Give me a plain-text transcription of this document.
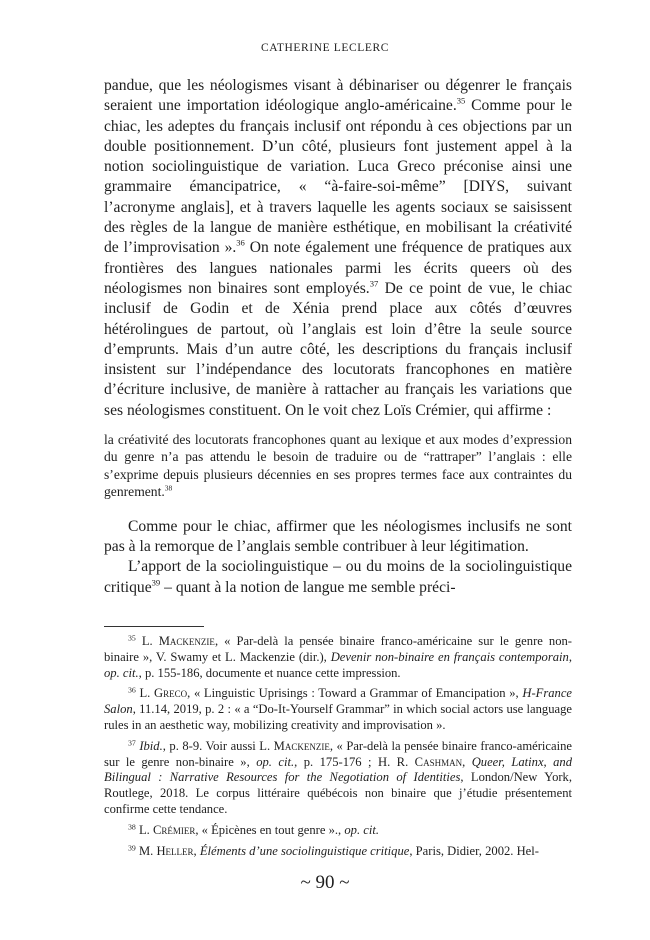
CATHERINE LECLERC

pandue, que les néologismes visant à débinariser ou dégenrer le français seraient une importation idéologique anglo-américaine.$^{35}$ Comme pour le chiac, les adeptes du français inclusif ont répondu à ces objections par un double positionnement. D’un côté, plusieurs font justement appel à la notion sociolinguistique de variation. Luca Greco préconise ainsi une grammaire émancipatrice, « “à-faire-soi-même” [DIYS, suivant l’acronyme anglais], et à travers laquelle les agents sociaux se saisissent des règles de la langue de manière esthétique, en mobilisant la créativité de l’improvisation ».$^{36}$ On note également une fréquence de pratiques aux frontières des langues nationales parmi les écrits queers où des néologismes non binaires sont employés.$^{37}$ De ce point de vue, le chiac inclusif de Godin et de Xénia prend place aux côtés d’œuvres hétérolingues de partout, où l’anglais est loin d’être la seule source d’emprunts. Mais d’un autre côté, les descriptions du français inclusif insistent sur l’indépendance des locutorats francophones en matière d’écriture inclusive, de manière à rattacher au français les variations que ses néologismes constituent. On le voit chez Loïs Crémier, qui affirme :

la créativité des locutorats francophones quant au lexique et aux modes d’expression du genre n’a pas attendu le besoin de traduire ou de “rattraper” l’anglais : elle s’exprime depuis plusieurs décennies en ses propres termes face aux contraintes du genrement.$^{38}$

Comme pour le chiac, affirmer que les néologismes inclusifs ne sont pas à la remorque de l’anglais semble contribuer à leur légitimation.

L’apport de la sociolinguistique – ou du moins de la sociolinguistique critique$^{39}$ – quant à la notion de langue me semble préci-

$^{35}$ L. Mackenzie, « Par-delà la pensée binaire franco-américaine sur le genre non-binaire », V. Swamy et L. Mackenzie (dir.), Devenir non-binaire en français contemporain, op. cit., p. 155-186, documente et nuance cette impression.

$^{36}$ L. Greco, « Linguistic Uprisings : Toward a Grammar of Emancipation », H-France Salon, 11.14, 2019, p. 2 : « a “Do-It-Yourself Grammar” in which social actors use language rules in an aesthetic way, mobilizing creativity and improvisation ».

$^{37}$ Ibid., p. 8-9. Voir aussi L. Mackenzie, « Par-delà la pensée binaire franco-américaine sur le genre non-binaire », op. cit., p. 175-176 ; H. R. Cashman, Queer, Latinx, and Bilingual : Narrative Resources for the Negotiation of Identities, London/New York, Routlege, 2018. Le corpus littéraire québécois non binaire que j’étudie présentement confirme cette tendance.

$^{38}$ L. Crémier, « Épicènes en tout genre »., op. cit.

$^{39}$ M. Heller, Éléments d’une sociolinguistique critique, Paris, Didier, 2002. Hel-

~ 90 ~
